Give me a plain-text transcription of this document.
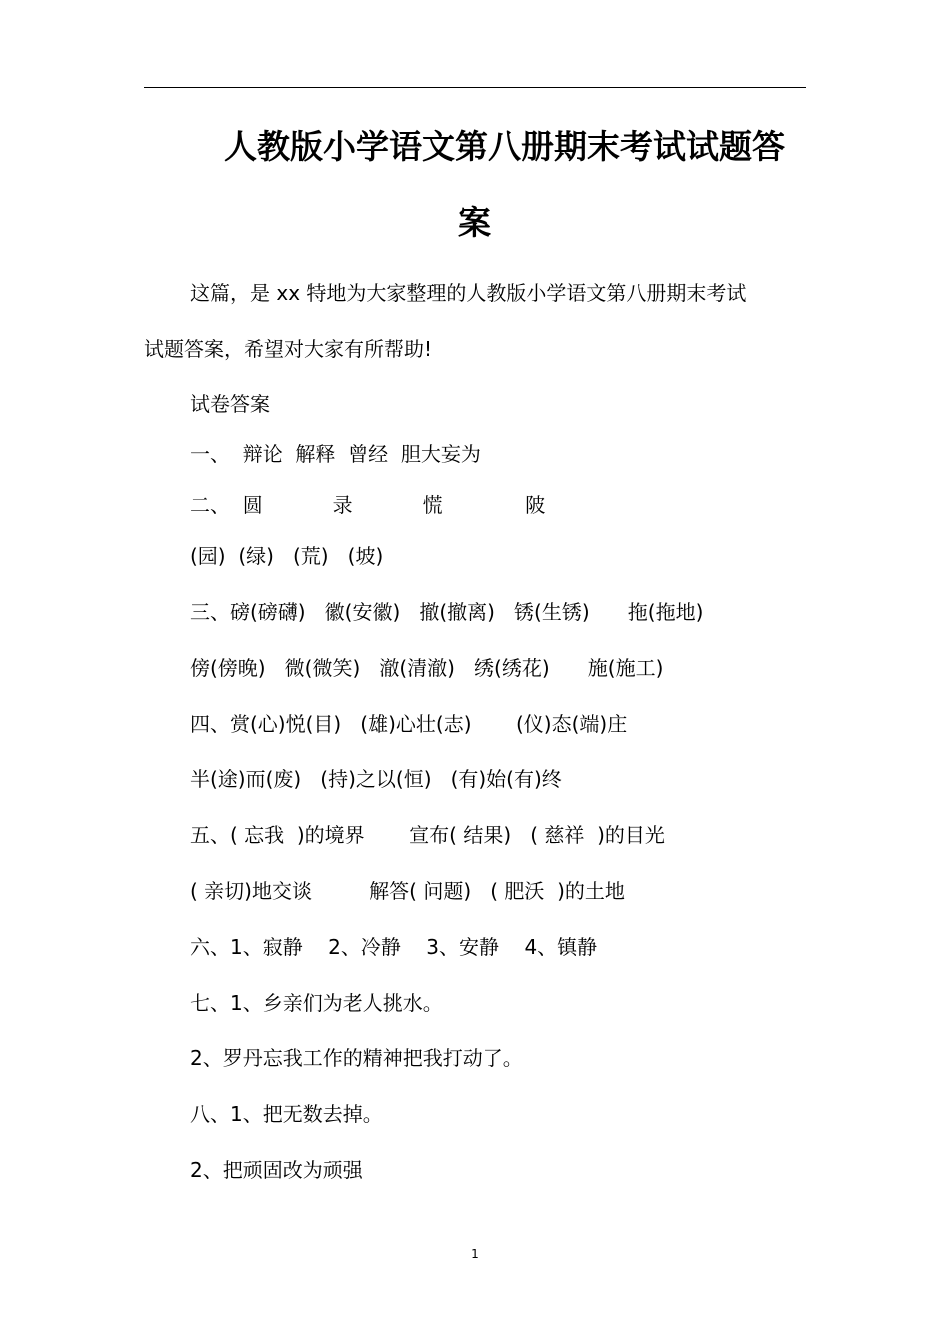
人教版小学语文第八册期末考试试题答
案
这篇，是 xx 特地为大家整理的人教版小学语文第八册期末考试
试题答案，希望对大家有所帮助!
试卷答案
一、  辩论  解释  曾经  胆大妄为
二、  圆           录           慌             陂
(园)  (绿)   (荒)   (坡)
三、磅(磅礴)   徽(安徽)   撤(撤离)   锈(生锈)      拖(拖地)
傍(傍晚)   微(微笑)   澈(清澈)   绣(绣花)      施(施工)
四、赏(心)悦(目)   (雄)心壮(志)       (仪)态(端)庄
半(途)而(废)   (持)之以(恒)   (有)始(有)终
五、( 忘我  )的境界       宣布( 结果)   ( 慈祥  )的目光
( 亲切)地交谈         解答( 问题)   ( 肥沃  )的土地
六、1、寂静    2、冷静    3、安静    4、镇静
七、1、乡亲们为老人挑水。
2、罗丹忘我工作的精神把我打动了。
八、1、把无数去掉。
2、把顽固改为顽强
1
